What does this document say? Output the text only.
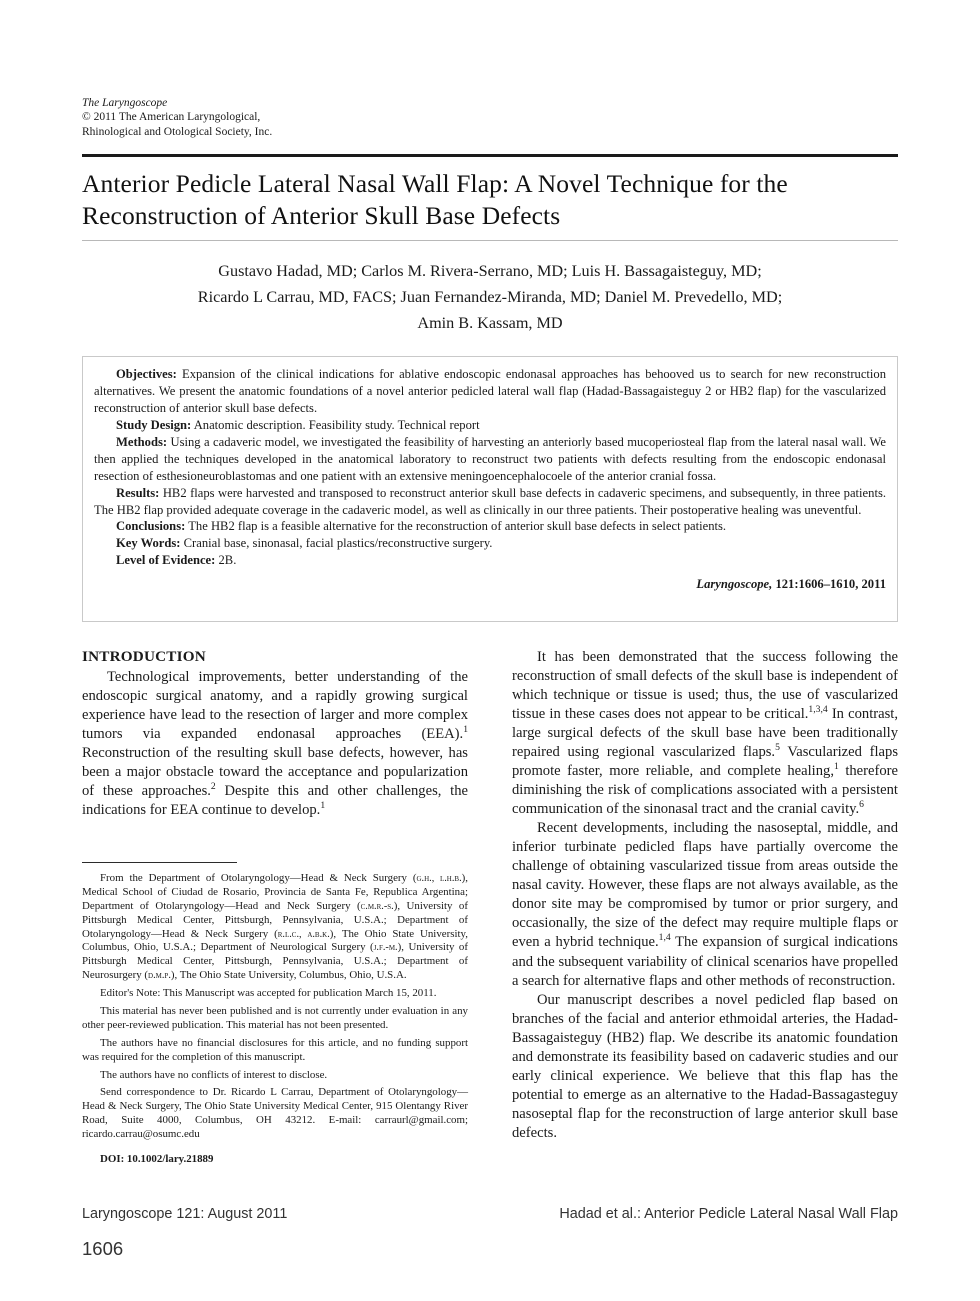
The Laryngoscope
© 2011 The American Laryngological,
Rhinological and Otological Society, Inc.
Anterior Pedicle Lateral Nasal Wall Flap: A Novel Technique for the Reconstruction of Anterior Skull Base Defects
Gustavo Hadad, MD; Carlos M. Rivera-Serrano, MD; Luis H. Bassagaisteguy, MD;
Ricardo L Carrau, MD, FACS; Juan Fernandez-Miranda, MD; Daniel M. Prevedello, MD;
Amin B. Kassam, MD

Objectives: Expansion of the clinical indications for ablative endoscopic endonasal approaches has behooved us to search for new reconstruction alternatives. We present the anatomic foundations of a novel anterior pedicled lateral wall flap (Hadad-Bassagaisteguy 2 or HB2 flap) for the vascularized reconstruction of anterior skull base defects.

Study Design: Anatomic description. Feasibility study. Technical report

Methods: Using a cadaveric model, we investigated the feasibility of harvesting an anteriorly based mucoperiosteal flap from the lateral nasal wall. We then applied the techniques developed in the anatomical laboratory to reconstruct two patients with defects resulting from the endoscopic endonasal resection of esthesioneuroblastomas and one patient with an extensive meningoencephalocoele of the anterior cranial fossa.

Results: HB2 flaps were harvested and transposed to reconstruct anterior skull base defects in cadaveric specimens, and subsequently, in three patients. The HB2 flap provided adequate coverage in the cadaveric model, as well as clinically in our three patients. Their postoperative healing was uneventful.

Conclusions: The HB2 flap is a feasible alternative for the reconstruction of anterior skull base defects in select patients.

Key Words: Cranial base, sinonasal, facial plastics/reconstructive surgery.

Level of Evidence: 2B.

Laryngoscope, 121:1606–1610, 2011

INTRODUCTION

Technological improvements, better understanding of the endoscopic surgical anatomy, and a rapidly growing surgical experience have lead to the resection of larger and more complex tumors via expanded endonasal approaches (EEA).$^1$ Reconstruction of the resulting skull base defects, however, has been a major obstacle toward the acceptance and popularization of these approaches.$^2$ Despite this and other challenges, the indications for EEA continue to develop.$^1$

From the Department of Otolaryngology—Head & Neck Surgery (g.h., l.h.b.), Medical School of Ciudad de Rosario, Provincia de Santa Fe, Republica Argentina; Department of Otolaryngology—Head and Neck Surgery (c.m.r.-s.), University of Pittsburgh Medical Center, Pittsburgh, Pennsylvania, U.S.A.; Department of Otolaryngology—Head & Neck Surgery (r.l.c., a.b.k.), The Ohio State University, Columbus, Ohio, U.S.A.; Department of Neurological Surgery (j.f.-m.), University of Pittsburgh Medical Center, Pittsburgh, Pennsylvania, U.S.A.; Department of Neurosurgery (d.m.p.), The Ohio State University, Columbus, Ohio, U.S.A.

Editor's Note: This Manuscript was accepted for publication March 15, 2011.

This material has never been published and is not currently under evaluation in any other peer-reviewed publication. This material has not been presented.

The authors have no financial disclosures for this article, and no funding support was required for the completion of this manuscript.

The authors have no conflicts of interest to disclose.

Send correspondence to Dr. Ricardo L Carrau, Department of Otolaryngology—Head & Neck Surgery, The Ohio State University Medical Center, 915 Olentangy River Road, Suite 4000, Columbus, OH 43212. E-mail: carraurl@gmail.com; ricardo.carrau@osumc.edu

DOI: 10.1002/lary.21889

It has been demonstrated that the success following the reconstruction of small defects of the skull base is independent of which technique or tissue is used; thus, the use of vascularized tissue in these cases does not appear to be critical.$^{1,3,4}$ In contrast, large surgical defects of the skull base have been traditionally repaired using regional vascularized flaps.$^5$ Vascularized flaps promote faster, more reliable, and complete healing,$^1$ therefore diminishing the risk of complications associated with a persistent communication of the sinonasal tract and the cranial cavity.$^6$

Recent developments, including the nasoseptal, middle, and inferior turbinate pedicled flaps have partially overcome the challenge of obtaining vascularized tissue from areas outside the nasal cavity. However, these flaps are not always available, as the donor site may be compromised by tumor or prior surgery, and occasionally, the size of the defect may require multiple flaps or even a hybrid technique.$^{1,4}$ The expansion of surgical indications and the subsequent variability of clinical scenarios have propelled a search for alternative flaps and other methods of reconstruction.

Our manuscript describes a novel pedicled flap based on branches of the facial and anterior ethmoidal arteries, the Hadad-Bassagaisteguy (HB2) flap. We describe its anatomic foundation and demonstrate its feasibility based on cadaveric studies and our early clinical experience. We believe that this flap has the potential to emerge as an alternative to the Hadad-Bassagasteguy nasoseptal flap for the reconstruction of large anterior skull base defects.

Laryngoscope 121: August 2011	Hadad et al.: Anterior Pedicle Lateral Nasal Wall Flap
1606
